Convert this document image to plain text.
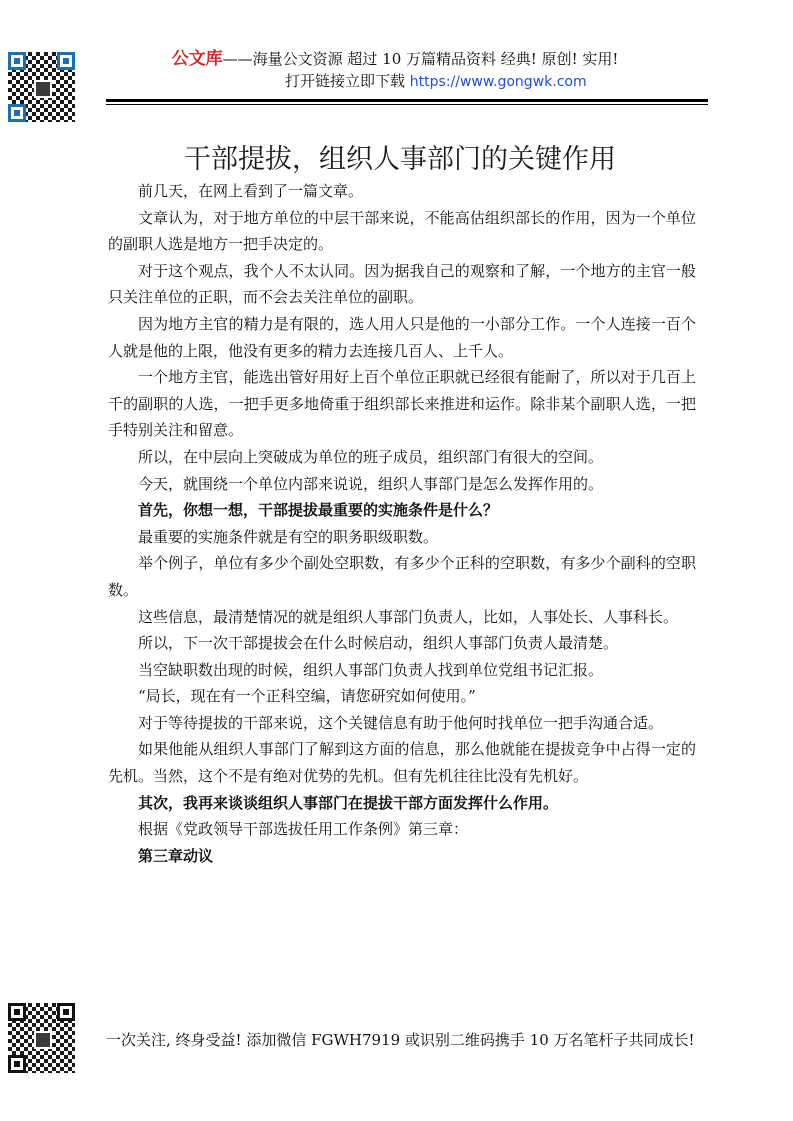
公文库——海量公文资源 超过 10 万篇精品资料 经典! 原创! 实用!
打开链接立即下载 https://www.gongwk.com
干部提拔，组织人事部门的关键作用

前几天，在网上看到了一篇文章。

文章认为，对于地方单位的中层干部来说，不能高估组织部长的作用，因为一个单位的副职人选是地方一把手决定的。

对于这个观点，我个人不太认同。因为据我自己的观察和了解，一个地方的主官一般只关注单位的正职，而不会去关注单位的副职。

因为地方主官的精力是有限的，选人用人只是他的一小部分工作。一个人连接一百个人就是他的上限，他没有更多的精力去连接几百人、上千人。

一个地方主官，能选出管好用好上百个单位正职就已经很有能耐了，所以对于几百上千的副职的人选，一把手更多地倚重于组织部长来推进和运作。除非某个副职人选，一把手特别关注和留意。

所以，在中层向上突破成为单位的班子成员，组织部门有很大的空间。

今天，就围绕一个单位内部来说说，组织人事部门是怎么发挥作用的。

首先，你想一想，干部提拔最重要的实施条件是什么？

最重要的实施条件就是有空的职务职级职数。

举个例子，单位有多少个副处空职数，有多少个正科的空职数，有多少个副科的空职数。

这些信息，最清楚情况的就是组织人事部门负责人，比如，人事处长、人事科长。

所以，下一次干部提拔会在什么时候启动，组织人事部门负责人最清楚。

当空缺职数出现的时候，组织人事部门负责人找到单位党组书记汇报。

“局长，现在有一个正科空编，请您研究如何使用。”

对于等待提拔的干部来说，这个关键信息有助于他何时找单位一把手沟通合适。

如果他能从组织人事部门了解到这方面的信息，那么他就能在提拔竞争中占得一定的先机。当然，这个不是有绝对优势的先机。但有先机往往比没有先机好。

其次，我再来谈谈组织人事部门在提拔干部方面发挥什么作用。

根据《党政领导干部选拔任用工作条例》第三章：

第三章动议

一次关注, 终身受益! 添加微信 FGWH7919 或识别二维码携手 10 万名笔杆子共同成长!
